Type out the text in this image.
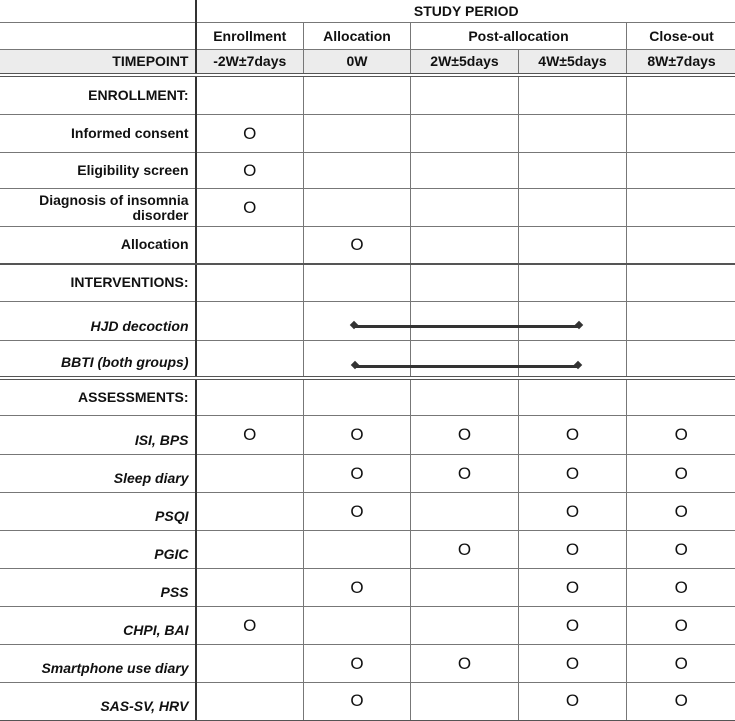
	STUDY PERIOD				
	Enrollment	Allocation	Post-allocation		Close-out
TIMEPOINT	-2W±7days	0W	2W±5days	4W±5days	8W±7days
ENROLLMENT:					
Informed consent	O				
Eligibility screen	O				
Diagnosis of insomnia disorder	O				
Allocation		O			
INTERVENTIONS:					
HJD decoction					
BBTI (both groups)					
ASSESSMENTS:					
ISI, BPS	O	O	O	O	O
Sleep diary		O	O	O	O
PSQI		O		O	O
PGIC			O	O	O
PSS		O		O	O
CHPI, BAI	O			O	O
Smartphone use diary		O	O	O	O
SAS-SV, HRV		O		O	O
